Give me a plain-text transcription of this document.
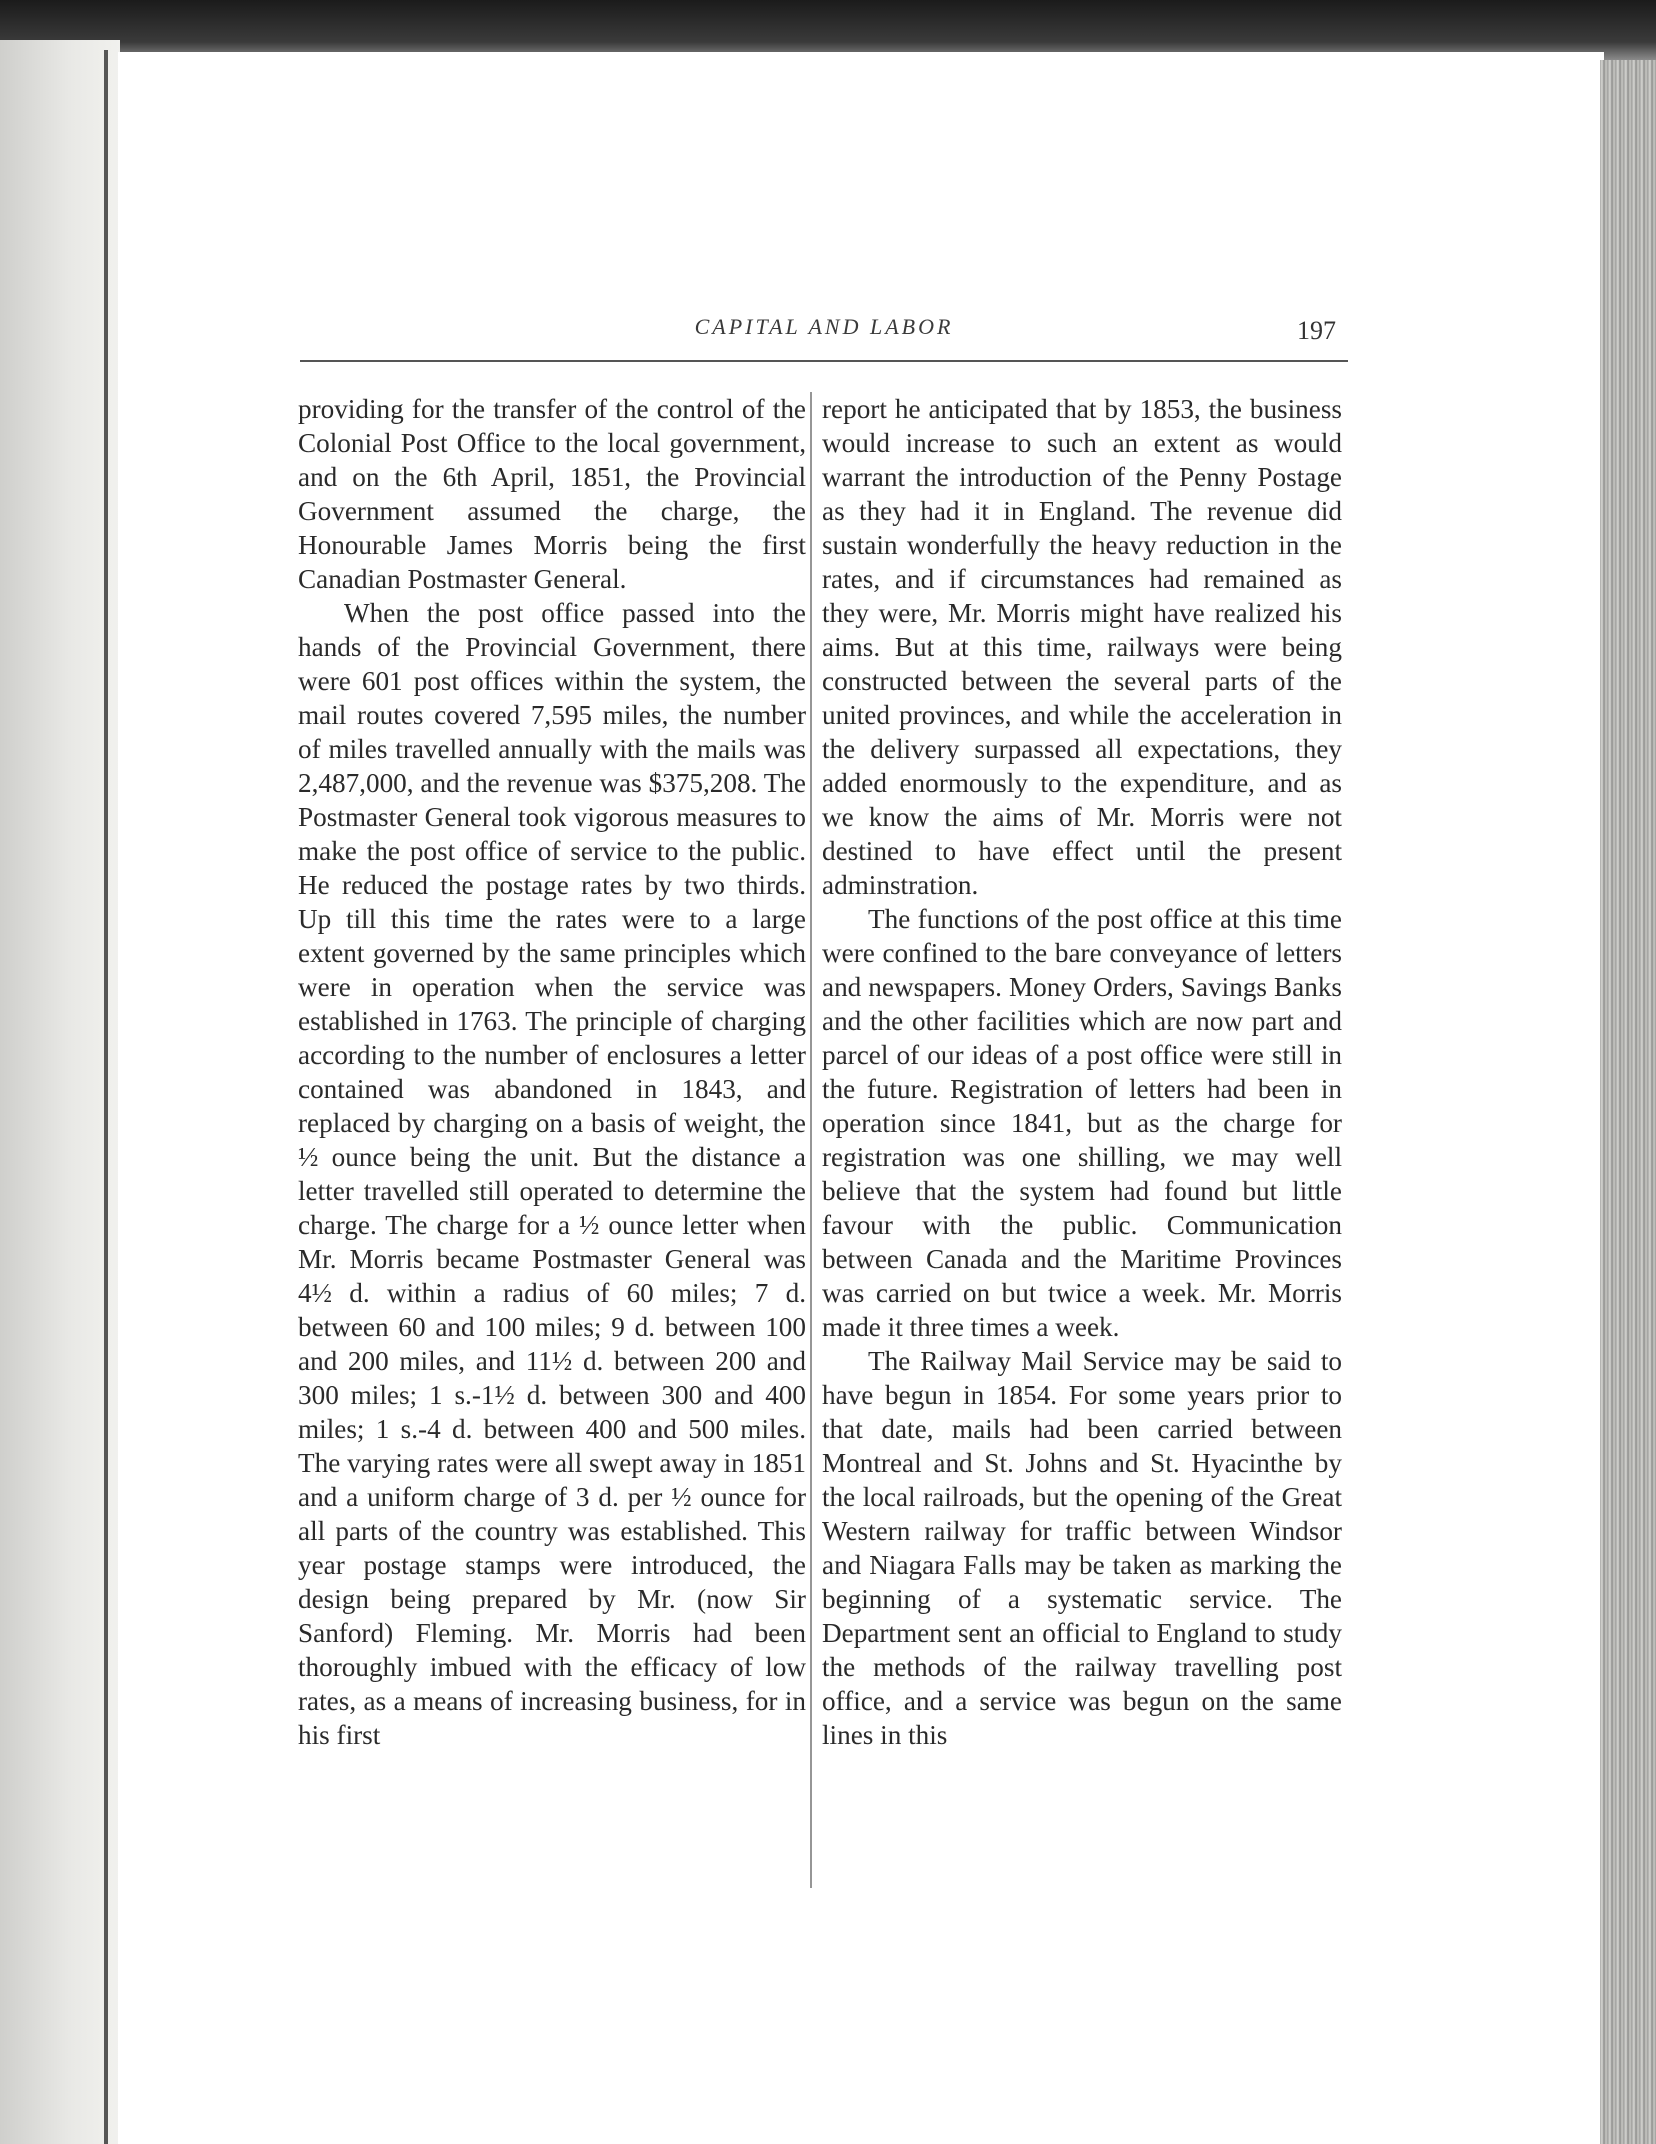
CAPITAL AND LABOR	197

providing for the transfer of the control of the Colonial Post Office to the local government, and on the 6th April, 1851, the Provincial Government assumed the charge, the Honourable James Morris being the first Canadian Postmaster General.

When the post office passed into the hands of the Provincial Government, there were 601 post offices within the system, the mail routes covered 7,595 miles, the number of miles travelled annually with the mails was 2,487,000, and the revenue was $375,208. The Postmaster General took vigorous measures to make the post office of service to the public. He reduced the postage rates by two thirds. Up till this time the rates were to a large extent governed by the same principles which were in operation when the service was established in 1763. The principle of charging according to the number of enclosures a letter contained was abandoned in 1843, and replaced by charging on a basis of weight, the ½ ounce being the unit. But the distance a letter travelled still operated to determine the charge. The charge for a ½ ounce letter when Mr. Morris became Postmaster General was 4½ d. within a radius of 60 miles; 7 d. between 60 and 100 miles; 9 d. between 100 and 200 miles, and 11½ d. between 200 and 300 miles; 1 s.-1½ d. between 300 and 400 miles; 1 s.-4 d. between 400 and 500 miles. The varying rates were all swept away in 1851 and a uniform charge of 3 d. per ½ ounce for all parts of the country was established. This year postage stamps were introduced, the design being prepared by Mr. (now Sir Sanford) Fleming. Mr. Morris had been thoroughly imbued with the efficacy of low rates, as a means of increasing business, for in his first

report he anticipated that by 1853, the business would increase to such an extent as would warrant the introduction of the Penny Postage as they had it in England. The revenue did sustain wonderfully the heavy reduction in the rates, and if circumstances had remained as they were, Mr. Morris might have realized his aims. But at this time, railways were being constructed between the several parts of the united provinces, and while the acceleration in the delivery surpassed all expectations, they added enormously to the expenditure, and as we know the aims of Mr. Morris were not destined to have effect until the present adminstration.

The functions of the post office at this time were confined to the bare conveyance of letters and newspapers. Money Orders, Savings Banks and the other facilities which are now part and parcel of our ideas of a post office were still in the future. Registration of letters had been in operation since 1841, but as the charge for registration was one shilling, we may well believe that the system had found but little favour with the public. Communication between Canada and the Maritime Provinces was carried on but twice a week. Mr. Morris made it three times a week.

The Railway Mail Service may be said to have begun in 1854. For some years prior to that date, mails had been carried between Montreal and St. Johns and St. Hyacinthe by the local railroads, but the opening of the Great Western railway for traffic between Windsor and Niagara Falls may be taken as marking the beginning of a systematic service. The Department sent an official to England to study the methods of the railway travelling post office, and a service was begun on the same lines in this
